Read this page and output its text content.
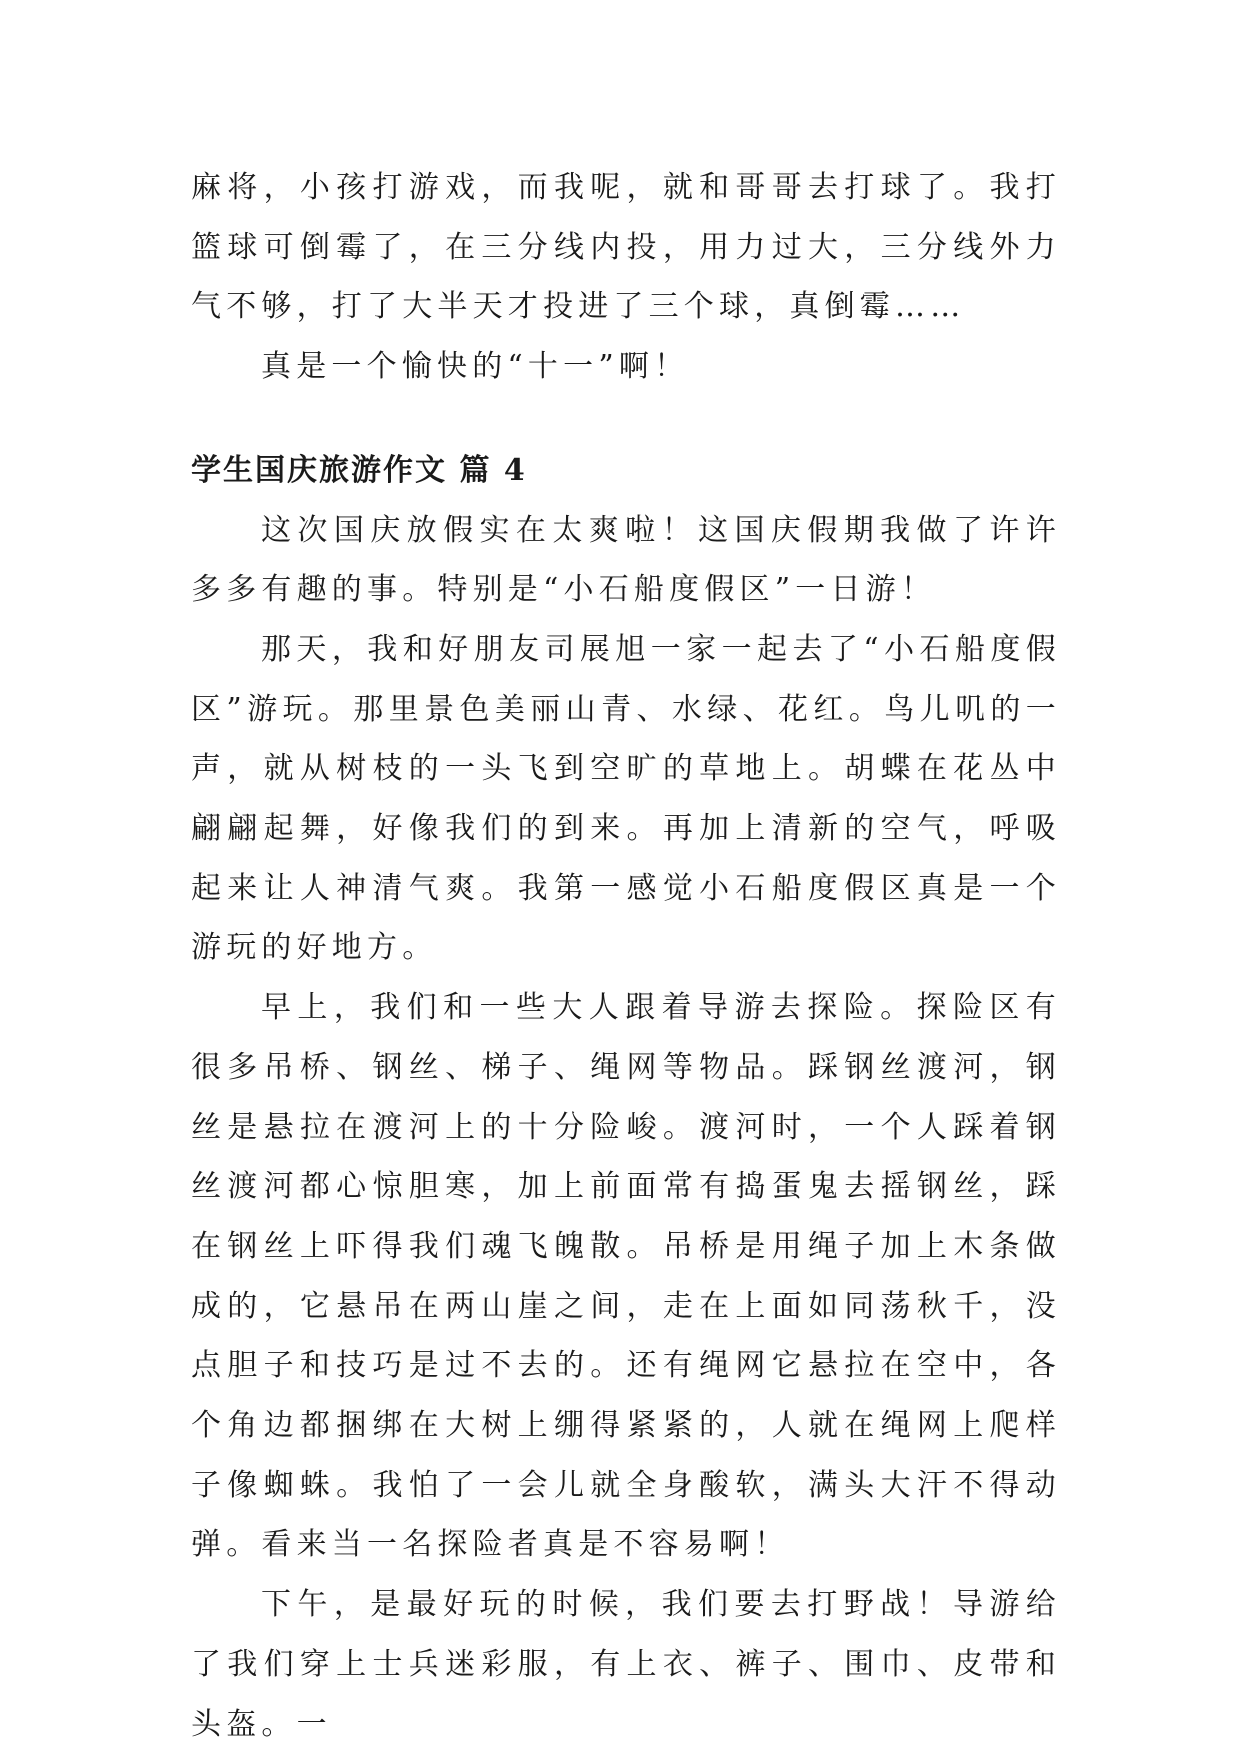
麻将，小孩打游戏，而我呢，就和哥哥去打球了。我打篮球可倒霉了，在三分线内投，用力过大，三分线外力气不够，打了大半天才投进了三个球，真倒霉……

真是一个愉快的“十一”啊！

学生国庆旅游作文 篇 4

这次国庆放假实在太爽啦！这国庆假期我做了许许多多有趣的事。特别是“小石船度假区”一日游！

那天，我和好朋友司展旭一家一起去了“小石船度假区”游玩。那里景色美丽山青、水绿、花红。鸟儿叽的一声，就从树枝的一头飞到空旷的草地上。胡蝶在花丛中翩翩起舞，好像我们的到来。再加上清新的空气，呼吸起来让人神清气爽。我第一感觉小石船度假区真是一个游玩的好地方。

早上，我们和一些大人跟着导游去探险。探险区有很多吊桥、钢丝、梯子、绳网等物品。踩钢丝渡河，钢丝是悬拉在渡河上的十分险峻。渡河时，一个人踩着钢丝渡河都心惊胆寒，加上前面常有捣蛋鬼去摇钢丝，踩在钢丝上吓得我们魂飞魄散。吊桥是用绳子加上木条做成的，它悬吊在两山崖之间，走在上面如同荡秋千，没点胆子和技巧是过不去的。还有绳网它悬拉在空中，各个角边都捆绑在大树上绷得紧紧的，人就在绳网上爬样子像蜘蛛。我怕了一会儿就全身酸软，满头大汗不得动弹。看来当一名探险者真是不容易啊！

下午，是最好玩的时候，我们要去打野战！导游给了我们穿上士兵迷彩服，有上衣、裤子、围巾、皮带和头盔。一
